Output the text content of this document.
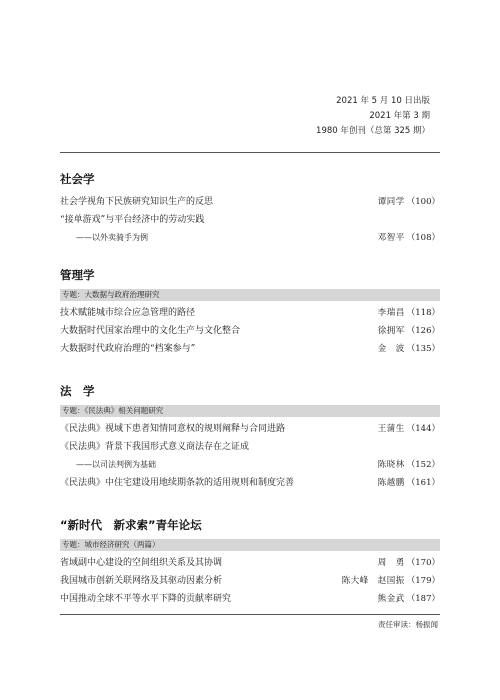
2021 年 5 月 10 日出版
2021 年第 3 期
1980 年创刊（总第 325 期）
社会学
社会学视角下民族研究知识生产的反思	谭同学 （100）
“接单游戏”与平台经济中的劳动实践
——以外卖骑手为例	邓智平 （108）
管理学
专题：大数据与政府治理研究
技术赋能城市综合应急管理的路径	李瑞昌 （118）
大数据时代国家治理中的文化生产与文化整合	徐拥军 （126）
大数据时代政府治理的“档案参与”	金　波 （135）
法　学
专题：《民法典》相关问题研究
《民法典》视域下患者知情同意权的规则阐释与合同进路	王蒲生 （144）
《民法典》背景下我国形式意义商法存在之证成
——以司法判例为基础	陈晓林 （152）
《民法典》中住宅建设用地续期条款的适用规则和制度完善	陈越鹏 （161）
“新时代　新求索”青年论坛
专题：城市经济研究（两篇）
省域副中心建设的空间组织关系及其协调	周　勇 （170）
我国城市创新关联网络及其驱动因素分析	陈大峰　赵国振 （179）
中国推动全球不平等水平下降的贡献率研究	熊金武 （187）
责任审读：杨振闻
